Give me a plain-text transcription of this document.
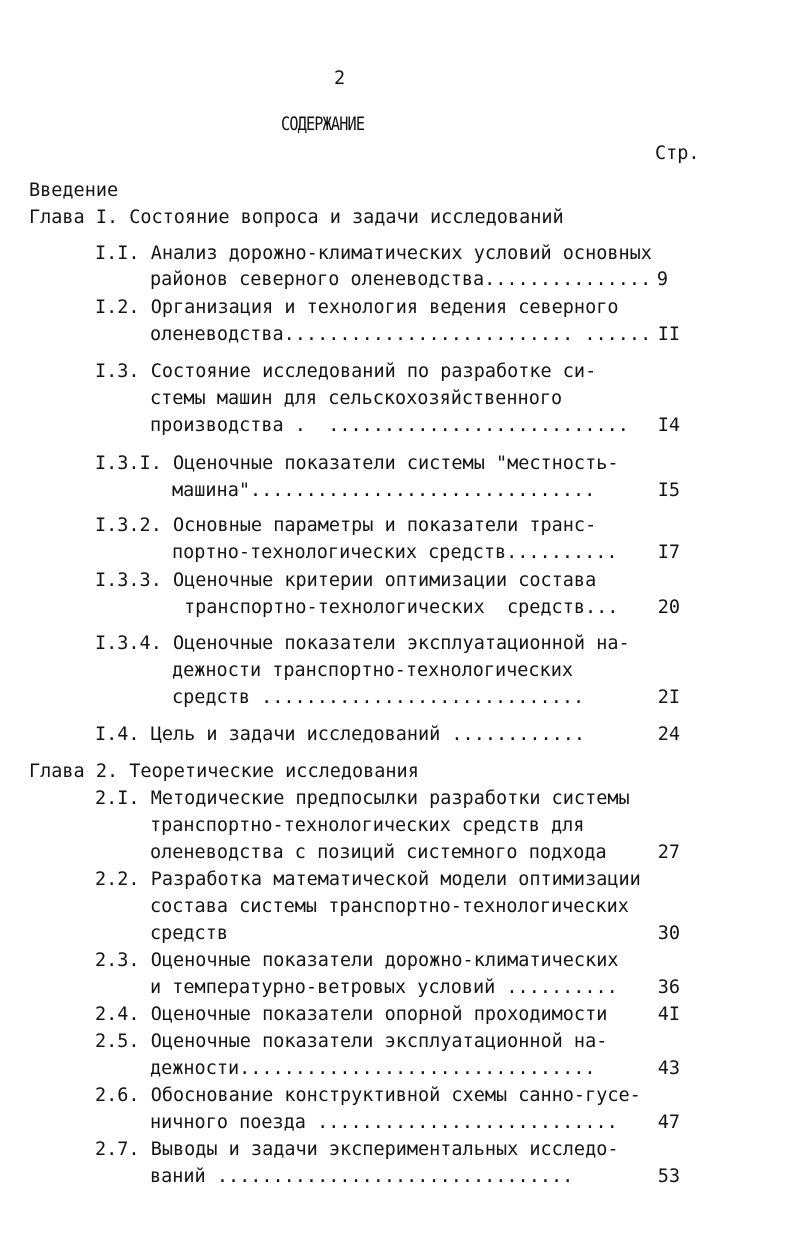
2
СОДЕРЖАНИЕ
Стр.
Введение
Глава I. Состояние вопроса и задачи исследований
I.I. Анализ дорожно-климатических условий основных
районов северного оленеводства............... 9
I.2. Организация и технология ведения северного
оленеводства.......................... ...... II
I.3. Состояние исследований по разработке си-
стемы машин для сельскохозяйственного
производства .  ...........................	I4
I.3.I. Оценочные показатели системы "местность-
машина"...............................	I5
I.3.2. Основные параметры и показатели транс-
портно-технологических средств..........	I7
I.3.3. Оценочные критерии оптимизации состава
транспортно-технологических  средств...	20
I.3.4. Оценочные показатели эксплуатационной на-
дежности транспортно-технологических
средств .............................	2I
I.4. Цель и задачи исследований ............	24
Глава 2. Теоретические исследования
2.I. Методические предпосылки разработки системы
транспортно-технологических средств для
оленеводства с позиций системного подхода	27
2.2. Разработка математической модели оптимизации
состава системы транспортно-технологических
средств	30
2.3. Оценочные показатели дорожно-климатических
и температурно-ветровых условий ..........	36
2.4. Оценочные показатели опорной проходимости	4I
2.5. Оценочные показатели эксплуатационной на-
дежности................................	43
2.6. Обоснование конструктивной схемы санно-гусе-
ничного поезда ...........................	47
2.7. Выводы и задачи экспериментальных исследо-
ваний ................................	53
